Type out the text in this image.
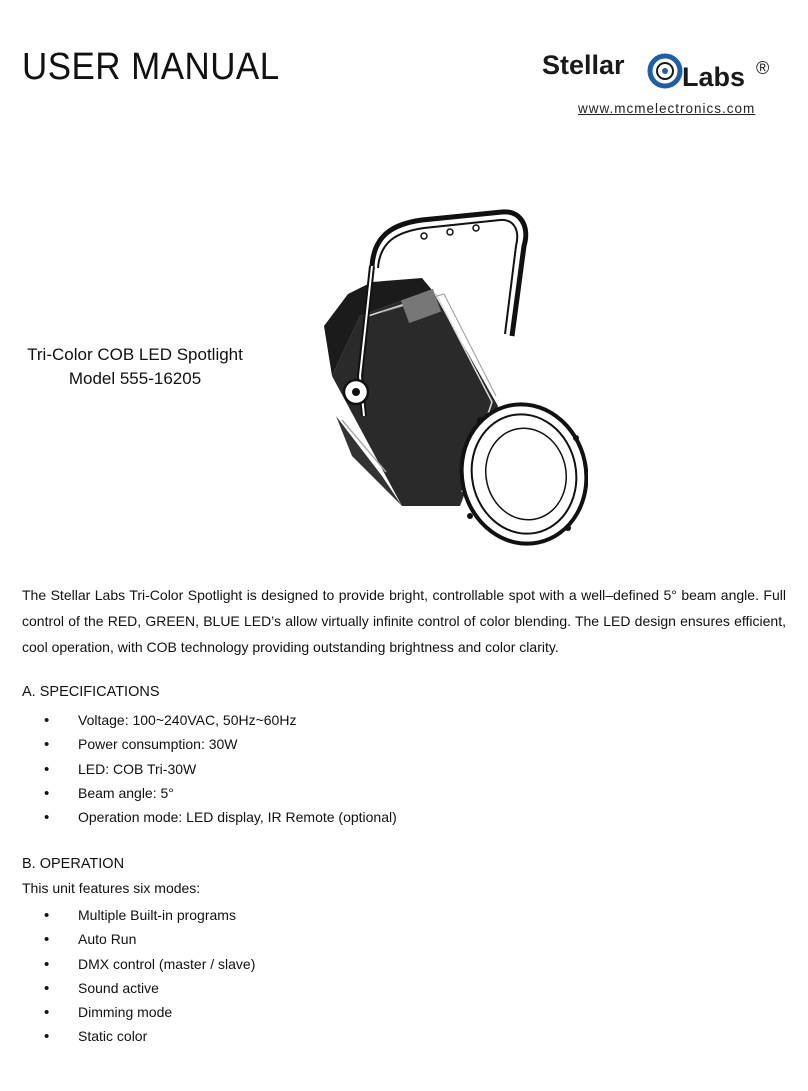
USER MANUAL	Stellar Labs ®
www.mcmelectronics.com
Tri-Color COB LED Spotlight
Model 555-16205
The Stellar Labs Tri-Color Spotlight is designed to provide bright, controllable spot with a well–defined 5° beam angle. Full control of the RED, GREEN, BLUE LED’s allow virtually infinite control of color blending. The LED design ensures efficient, cool operation, with COB technology providing outstanding brightness and color clarity.
A. SPECIFICATIONS
• Voltage: 100~240VAC, 50Hz~60Hz
• Power consumption: 30W
• LED: COB Tri-30W
• Beam angle: 5°
• Operation mode: LED display, IR Remote (optional)
B. OPERATION
This unit features six modes:
• Multiple Built-in programs
• Auto Run
• DMX control (master / slave)
• Sound active
• Dimming mode
• Static color
